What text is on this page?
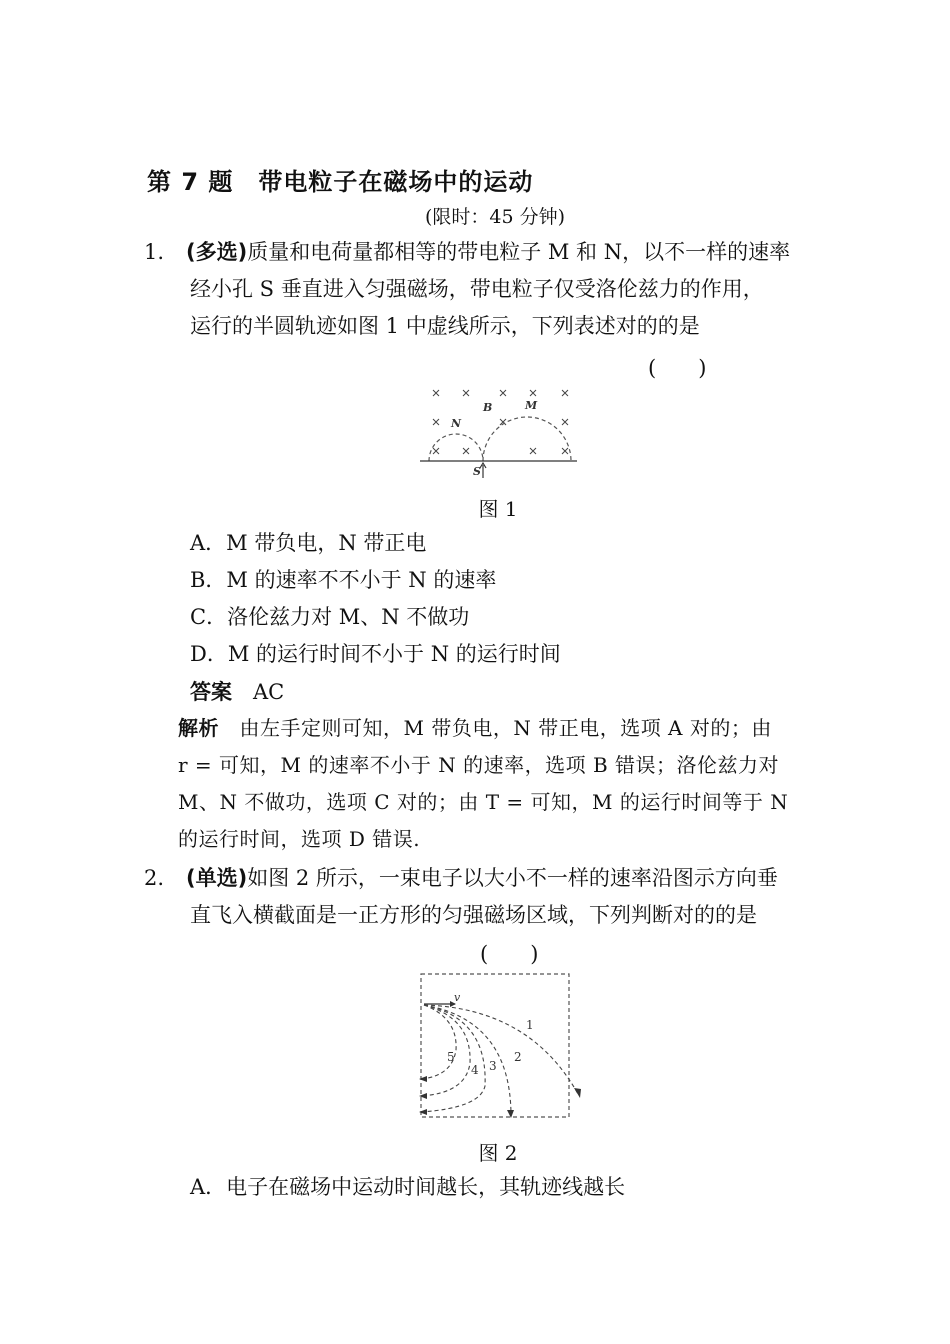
第 7 题　带电粒子在磁场中的运动
(限时：45 分钟)
1. (多选)质量和电荷量都相等的带电粒子 M 和 N，以不一样的速率
经小孔 S 垂直进入匀强磁场，带电粒子仅受洛伦兹力的作用，
运行的半圆轨迹如图 1 中虚线所示，下列表述对的的是
(　　)
B	M
N
S
图 1
A．M 带负电，N 带正电
B．M 的速率不不小于 N 的速率
C．洛伦兹力对 M、N 不做功
D．M 的运行时间不小于 N 的运行时间
答案　 AC
解析　 由左手定则可知，M 带负电，N 带正电，选项 A 对的；由
r = 可知，M 的速率不小于 N 的速率，选项 B 错误；洛伦兹力对
M、N 不做功，选项 C 对的；由 T = 可知，M 的运行时间等于 N
的运行时间，选项 D 错误.
2. (单选)如图 2 所示，一束电子以大小不一样的速率沿图示方向垂
直飞入横截面是一正方形的匀强磁场区域，下列判断对的的是
(　　)
v
1
2
3
4
5
图 2
A．电子在磁场中运动时间越长，其轨迹线越长
